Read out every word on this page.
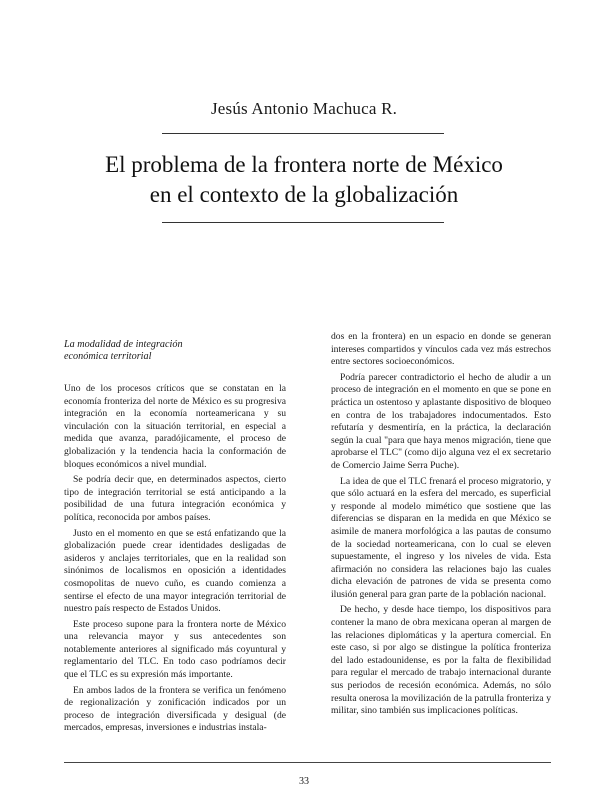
Jesús Antonio Machuca R.
El problema de la frontera norte de México
en el contexto de la globalización
La modalidad de integración
económica territorial

Uno de los procesos críticos que se constatan en la economía fronteriza del norte de México es su progresiva integración en la economía norteamericana y su vinculación con la situación territorial, en especial a medida que avanza, paradójicamente, el proceso de globalización y la tendencia hacia la conformación de bloques económicos a nivel mundial.

Se podría decir que, en determinados aspectos, cierto tipo de integración territorial se está anticipando a la posibilidad de una futura integración económica y política, reconocida por ambos países.

Justo en el momento en que se está enfatizando que la globalización puede crear identidades desligadas de asideros y anclajes territoriales, que en la realidad son sinónimos de localismos en oposición a identidades cosmopolitas de nuevo cuño, es cuando comienza a sentirse el efecto de una mayor integración territorial de nuestro país respecto de Estados Unidos.

Este proceso supone para la frontera norte de México una relevancia mayor y sus antecedentes son notablemente anteriores al significado más coyuntural y reglamentario del TLC. En todo caso podríamos decir que el TLC es su expresión más importante.

En ambos lados de la frontera se verifica un fenómeno de regionalización y zonificación indicados por un proceso de integración diversificada y desigual (de mercados, empresas, inversiones e industrias instala-

dos en la frontera) en un espacio en donde se generan intereses compartidos y vínculos cada vez más estrechos entre sectores socioeconómicos.

Podría parecer contradictorio el hecho de aludir a un proceso de integración en el momento en que se pone en práctica un ostentoso y aplastante dispositivo de bloqueo en contra de los trabajadores indocumentados. Esto refutaría y desmentiría, en la práctica, la declaración según la cual "para que haya menos migración, tiene que aprobarse el TLC" (como dijo alguna vez el ex secretario de Comercio Jaime Serra Puche).

La idea de que el TLC frenará el proceso migratorio, y que sólo actuará en la esfera del mercado, es superficial y responde al modelo mimético que sostiene que las diferencias se disparan en la medida en que México se asimile de manera morfológica a las pautas de consumo de la sociedad norteamericana, con lo cual se eleven supuestamente, el ingreso y los niveles de vida. Esta afirmación no considera las relaciones bajo las cuales dicha elevación de patrones de vida se presenta como ilusión general para gran parte de la población nacional.

De hecho, y desde hace tiempo, los dispositivos para contener la mano de obra mexicana operan al margen de las relaciones diplomáticas y la apertura comercial. En este caso, si por algo se distingue la política fronteriza del lado estadounidense, es por la falta de flexibilidad para regular el mercado de trabajo internacional durante sus periodos de recesión económica. Además, no sólo resulta onerosa la movilización de la patrulla fronteriza y militar, sino también sus implicaciones políticas.

33
